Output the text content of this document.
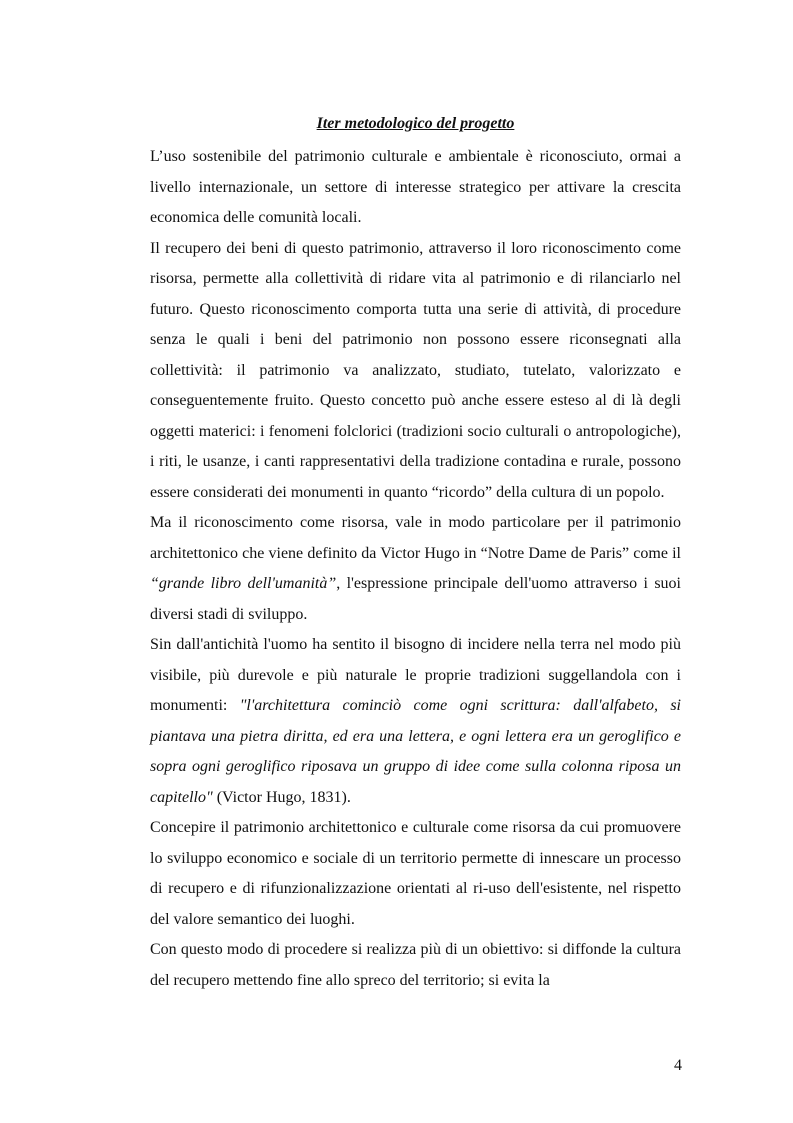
Iter metodologico del progetto

L’uso sostenibile del patrimonio culturale e ambientale è riconosciuto, ormai a livello internazionale, un settore di interesse strategico per attivare la crescita economica delle comunità locali.

Il recupero dei beni di questo patrimonio, attraverso il loro riconoscimento come risorsa, permette alla collettività di ridare vita al patrimonio e di rilanciarlo nel futuro. Questo riconoscimento comporta tutta una serie di attività, di procedure senza le quali i beni del patrimonio non possono essere riconsegnati alla collettività: il patrimonio va analizzato, studiato, tutelato, valorizzato e conseguentemente fruito. Questo concetto può anche essere esteso al di là degli oggetti materici: i fenomeni folclorici (tradizioni socio culturali o antropologiche), i riti, le usanze, i canti rappresentativi della tradizione contadina e rurale, possono essere considerati dei monumenti in quanto “ricordo” della cultura di un popolo.

Ma il riconoscimento come risorsa, vale in modo particolare per il patrimonio architettonico che viene definito da Victor Hugo in “Notre Dame de Paris” come il “grande libro dell'umanità”, l'espressione principale dell'uomo attraverso i suoi diversi stadi di sviluppo.

Sin dall'antichità l'uomo ha sentito il bisogno di incidere nella terra nel modo più visibile, più durevole e più naturale le proprie tradizioni suggellandola con i monumenti: "l'architettura cominciò come ogni scrittura: dall'alfabeto, si piantava una pietra diritta, ed era una lettera, e ogni lettera era un geroglifico e sopra ogni geroglifico riposava un gruppo di idee come sulla colonna riposa un capitello" (Victor Hugo, 1831).

Concepire il patrimonio architettonico e culturale come risorsa da cui promuovere lo sviluppo economico e sociale di un territorio permette di innescare un processo di recupero e di rifunzionalizzazione orientati al ri-uso dell'esistente, nel rispetto del valore semantico dei luoghi.

Con questo modo di procedere si realizza più di un obiettivo: si diffonde la cultura del recupero mettendo fine allo spreco del territorio; si evita la

4
